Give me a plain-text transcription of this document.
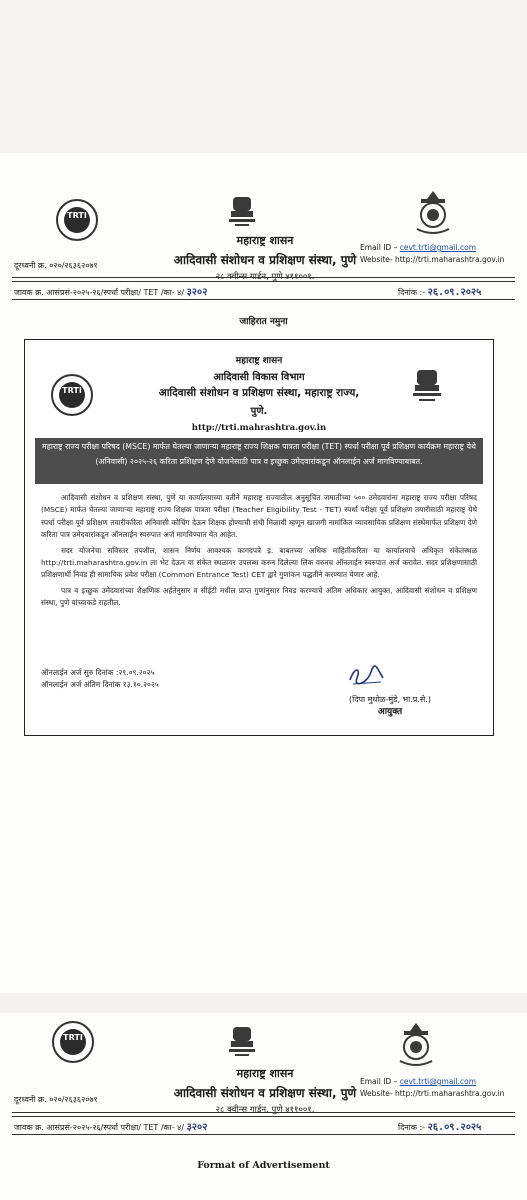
TRTI
महाराष्ट्र शासन
आदिवासी संशोधन व प्रशिक्षण संस्था, पुणे
२८ क्वीन्स गार्डन, पुणे ४११००१.
दूरध्वनी क्र. ०२०/२६३६२०७१
Email ID – cevt.trti@gmail.com
Website- http://trti.maharashtra.gov.in
जावक क्र. आसंप्रसं-२०२५-२६/स्पर्धा परीक्षा/ TET /का- ४/ ३२०२	दिनांक :- २६.०९.२०२५
जाहिरात नमुना
TRTI
महाराष्ट्र शासन
आदिवासी विकास विभाग
आदिवासी संशोधन व प्रशिक्षण संस्था, महाराष्ट्र राज्य,
पुणे.
http://trti.mahrashtra.gov.in
महाराष्ट्र राज्य परीक्षा परिषद (MSCE) मार्फत घेतल्या जाणाऱ्या महाराष्ट्र राज्य शिक्षक पात्रता परीक्षा (TET) स्पर्धा परीक्षा पूर्व प्रशिक्षण कार्यक्रम महाराष्ट्र येथे (अनिवासी) २०२५-२६ करिता प्रशिक्षण देणे योजनेसाठी पात्र व इच्छुक उमेदवारांकडून ऑनलाईन अर्ज मागविण्याबाबत.

आदिवासी संशोधन व प्रशिक्षण संस्था, पुणे या कार्यालयाच्या वतीने महाराष्ट्र राज्यातील अनुसूचित जमातीच्या ५०० उमेदवारांना महाराष्ट्र राज्य परीक्षा परिषद (MSCE) मार्फत घेतल्या जाणाऱ्या महाराष्ट्र राज्य शिक्षक पात्रता परीक्षा (Teacher Eligibility Test - TET) स्पर्धा परीक्षा पूर्व प्रशिक्षण तयारीसाठी महाराष्ट्र येथे स्पर्धा परीक्षा पूर्व प्रशिक्षण तयारीकरिता अनिवासी कोचिंग देऊन शिक्षक होण्याची संधी मिळावी म्हणून खाजगी नामांकित व्यावसायिक प्रशिक्षण संस्थेमार्फत प्रशिक्षण देणे करिता पात्र उमेदवारांकडून ऑनलाईन स्वरुपात अर्ज मागविण्यात येत आहेत.

सदर योजनेचा सविस्तर तपशील, शासन निर्णय आवश्यक कागदपत्रे इ. बाबतच्या अधिक माहितीकरिता या कार्यालयाचे अधिकृत संकेतस्थळ http://trti.maharashtra.gov.in ला भेट देऊन या संकेत स्थळावर उपलब्ध करुन दिलेल्या लिंक वरुनच ऑनलाईन स्वरुपात अर्ज करावेत. सदर प्रशिक्षणासाठी प्रशिक्षणार्थी निवड ही सामायिक प्रवेश परीक्षा (Common Entrance Test) CET द्वारे गुणांकन पद्धतीने करण्यात येणार आहे.

पात्र व इच्छुक उमेदवारांच्या शैक्षणिक अर्हतेनुसार व सीईटी मधील प्राप्त गुणांनुसार निवड करण्याचे अंतिम अधिकार आयुक्त, आदिवासी संशोधन व प्रशिक्षण संस्था, पुणे यांच्याकडे राहतील.

ऑनलाईन अर्ज सुरु दिनांक :२९.०९.२०२५
ऑनलाईन अर्ज अंतिम दिनांक १३.१०.२०२५
(दिपा मुधोळ-मुंडे, भा.प्र.से.)
आयुक्त
TRTI
महाराष्ट्र शासन
आदिवासी संशोधन व प्रशिक्षण संस्था, पुणे
२८ क्वीन्स गार्डन, पुणे ४११००१.
दूरध्वनी क्र. ०२०/२६३६२०७१
Email ID – cevt.trti@gmail.com
Website- http://trti.maharashtra.gov.in
जावक क्र. आसंप्रसं-२०२५-२६/स्पर्धा परीक्षा/ TET /का- ४/ ३२०२	दिनांक :- २६.०९.२०२५
Format of Advertisement
